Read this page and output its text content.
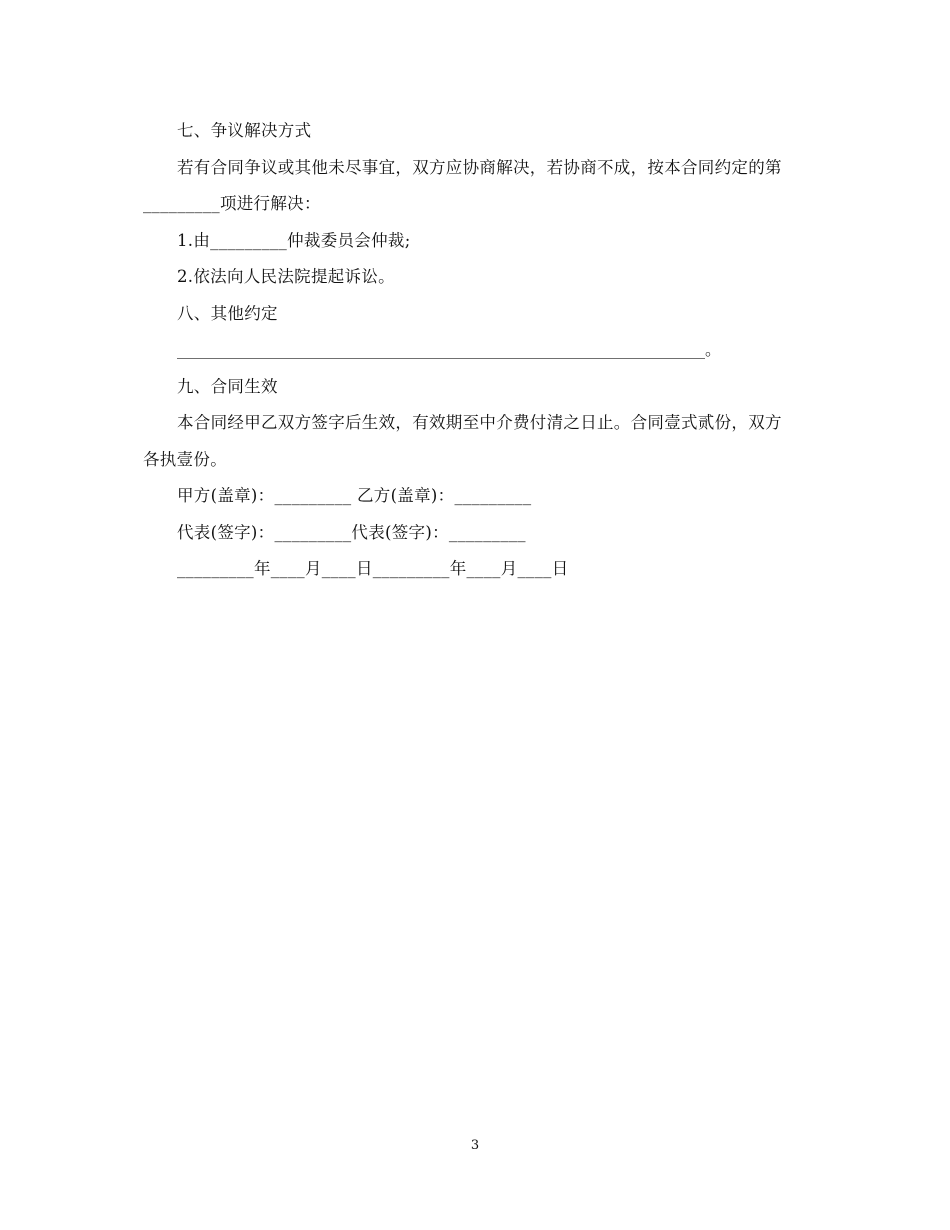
七、争议解决方式

若有合同争议或其他未尽事宜，双方应协商解决，若协商不成，按本合同约定的第_________项进行解决：

1.由_________仲裁委员会仲裁;

2.依法向人民法院提起诉讼。

八、其他约定

__________________________________________________________________。

九、合同生效

本合同经甲乙双方签字后生效，有效期至中介费付清之日止。合同壹式贰份，双方各执壹份。

甲方(盖章)：_________ 乙方(盖章)：_________

代表(签字)：_________代表(签字)：_________

_________年____月____日_________年____月____日

3
